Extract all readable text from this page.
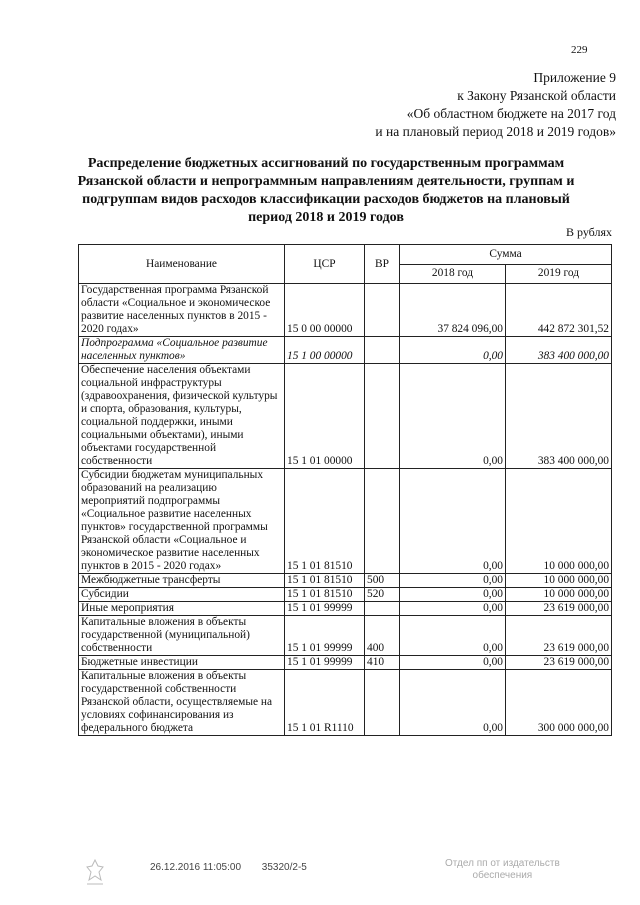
229
Приложение 9
к Закону Рязанской области
«Об областном бюджете на 2017 год
и на плановый период 2018 и 2019 годов»
Распределение бюджетных ассигнований по государственным программам Рязанской области и непрограммным направлениям деятельности, группам и подгруппам видов расходов классификации расходов бюджетов на плановый период 2018 и 2019 годов
В рублях
Наименование	ЦСР	ВР	Сумма	
			2018 год	2019 год
Государственная программа Рязанской области «Социальное и экономическое развитие населенных пунктов в 2015 - 2020 годах»	15 0 00 00000		37 824 096,00	442 872 301,52
Подпрограмма «Социальное развитие населенных пунктов»	15 1 00 00000		0,00	383 400 000,00
Обеспечение населения объектами социальной инфраструктуры (здравоохранения, физической культуры и спорта, образования, культуры, социальной поддержки, иными социальными объектами), иными объектами государственной собственности	15 1 01 00000		0,00	383 400 000,00
Субсидии бюджетам муниципальных образований на реализацию мероприятий подпрограммы «Социальное развитие населенных пунктов» государственной программы Рязанской области «Социальное и экономическое развитие населенных пунктов в 2015 - 2020 годах»	15 1 01 81510		0,00	10 000 000,00
Межбюджетные трансферты	15 1 01 81510	500	0,00	10 000 000,00
Субсидии	15 1 01 81510	520	0,00	10 000 000,00
Иные мероприятия	15 1 01 99999		0,00	23 619 000,00
Капитальные вложения в объекты государственной (муниципальной) собственности	15 1 01 99999	400	0,00	23 619 000,00
Бюджетные инвестиции	15 1 01 99999	410	0,00	23 619 000,00
Капитальные вложения в объекты государственной собственности Рязанской области, осуществляемые на условиях софинансирования из федерального бюджета	15 1 01 R1110		0,00	300 000 000,00
26.12.2016 11:05:00 35320/2-5	Отдел пп от издательств
обеспечения
